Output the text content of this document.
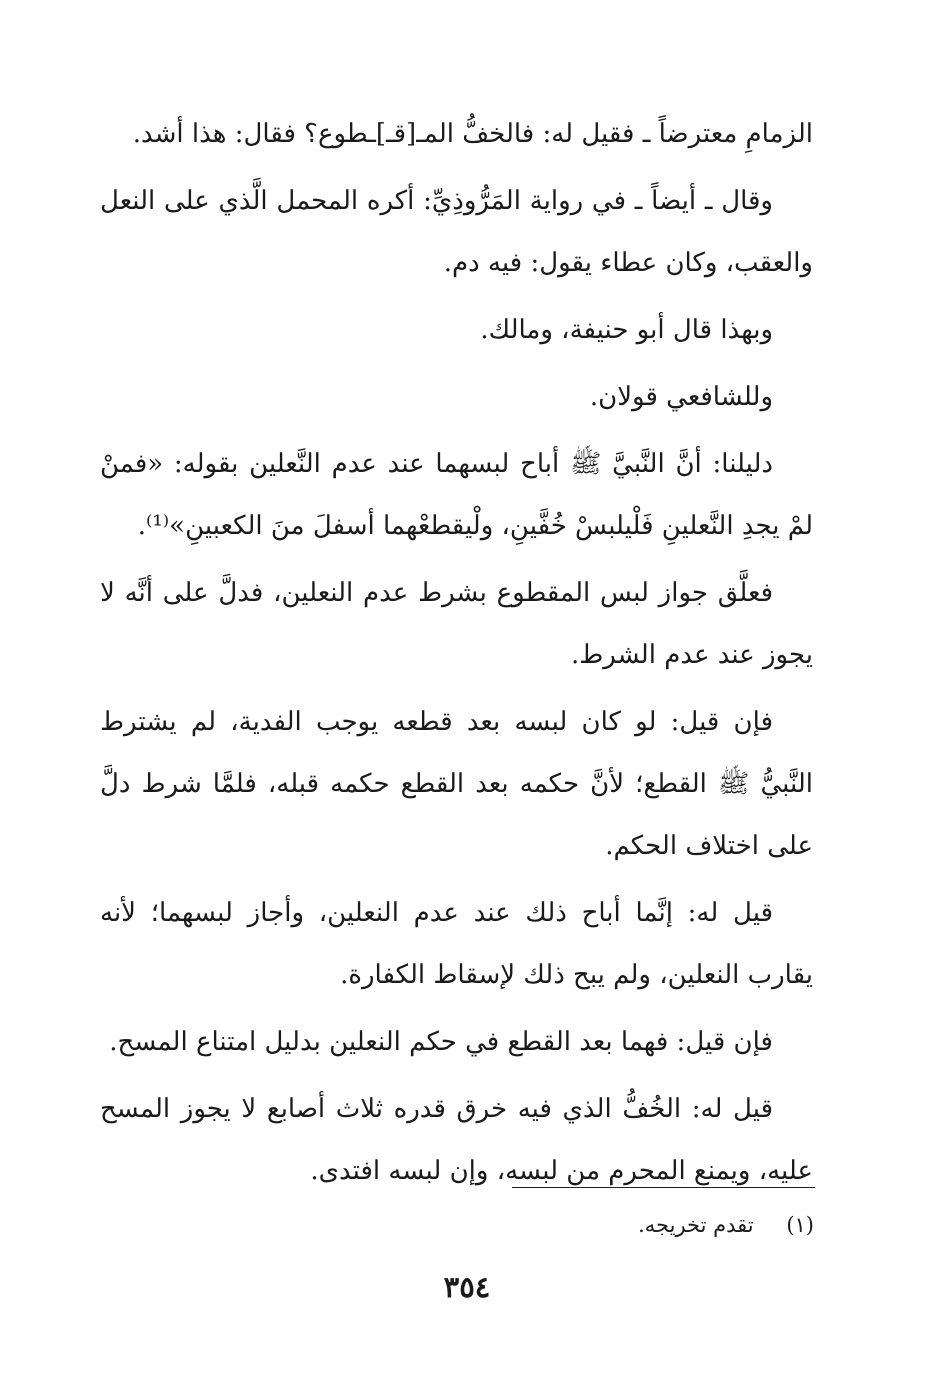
الزمامِ معترضاً ـ فقيل له: فالخفُّ المـ[قـ]ـطوع؟ فقال: هذا أشد.

وقال ـ أيضاً ـ في رواية المَرُّوذِيِّ: أكره المحمل الَّذي على النعل والعقب، وكان عطاء يقول: فيه دم.

وبهذا قال أبو حنيفة، ومالك.

وللشافعي قولان.

دليلنا: أنَّ النَّبيَّ ﷺ أباح لبسهما عند عدم النَّعلين بقوله: «فمنْ لمْ يجدِ النَّعلينِ فَلْيلبسْ خُفَّينِ، ولْيقطعْهما أسفلَ منَ الكعبينِ»⁽¹⁾.

فعلَّق جواز لبس المقطوع بشرط عدم النعلين، فدلَّ على أنَّه لا يجوز عند عدم الشرط.

فإن قيل: لو كان لبسه بعد قطعه يوجب الفدية، لم يشترط النَّبيُّ ﷺ القطع؛ لأنَّ حكمه بعد القطع حكمه قبله، فلمَّا شرط دلَّ على اختلاف الحكم.

قيل له: إنَّما أباح ذلك عند عدم النعلين، وأجاز لبسهما؛ لأنه يقارب النعلين، ولم يبح ذلك لإسقاط الكفارة.

فإن قيل: فهما بعد القطع في حكم النعلين بدليل امتناع المسح.

قيل له: الخُفُّ الذي فيه خرق قدره ثلاث أصابع لا يجوز المسح عليه، ويمنع المحرم من لبسه، وإن لبسه افتدى.

(١) تقدم تخريجه.
٣٥٤
